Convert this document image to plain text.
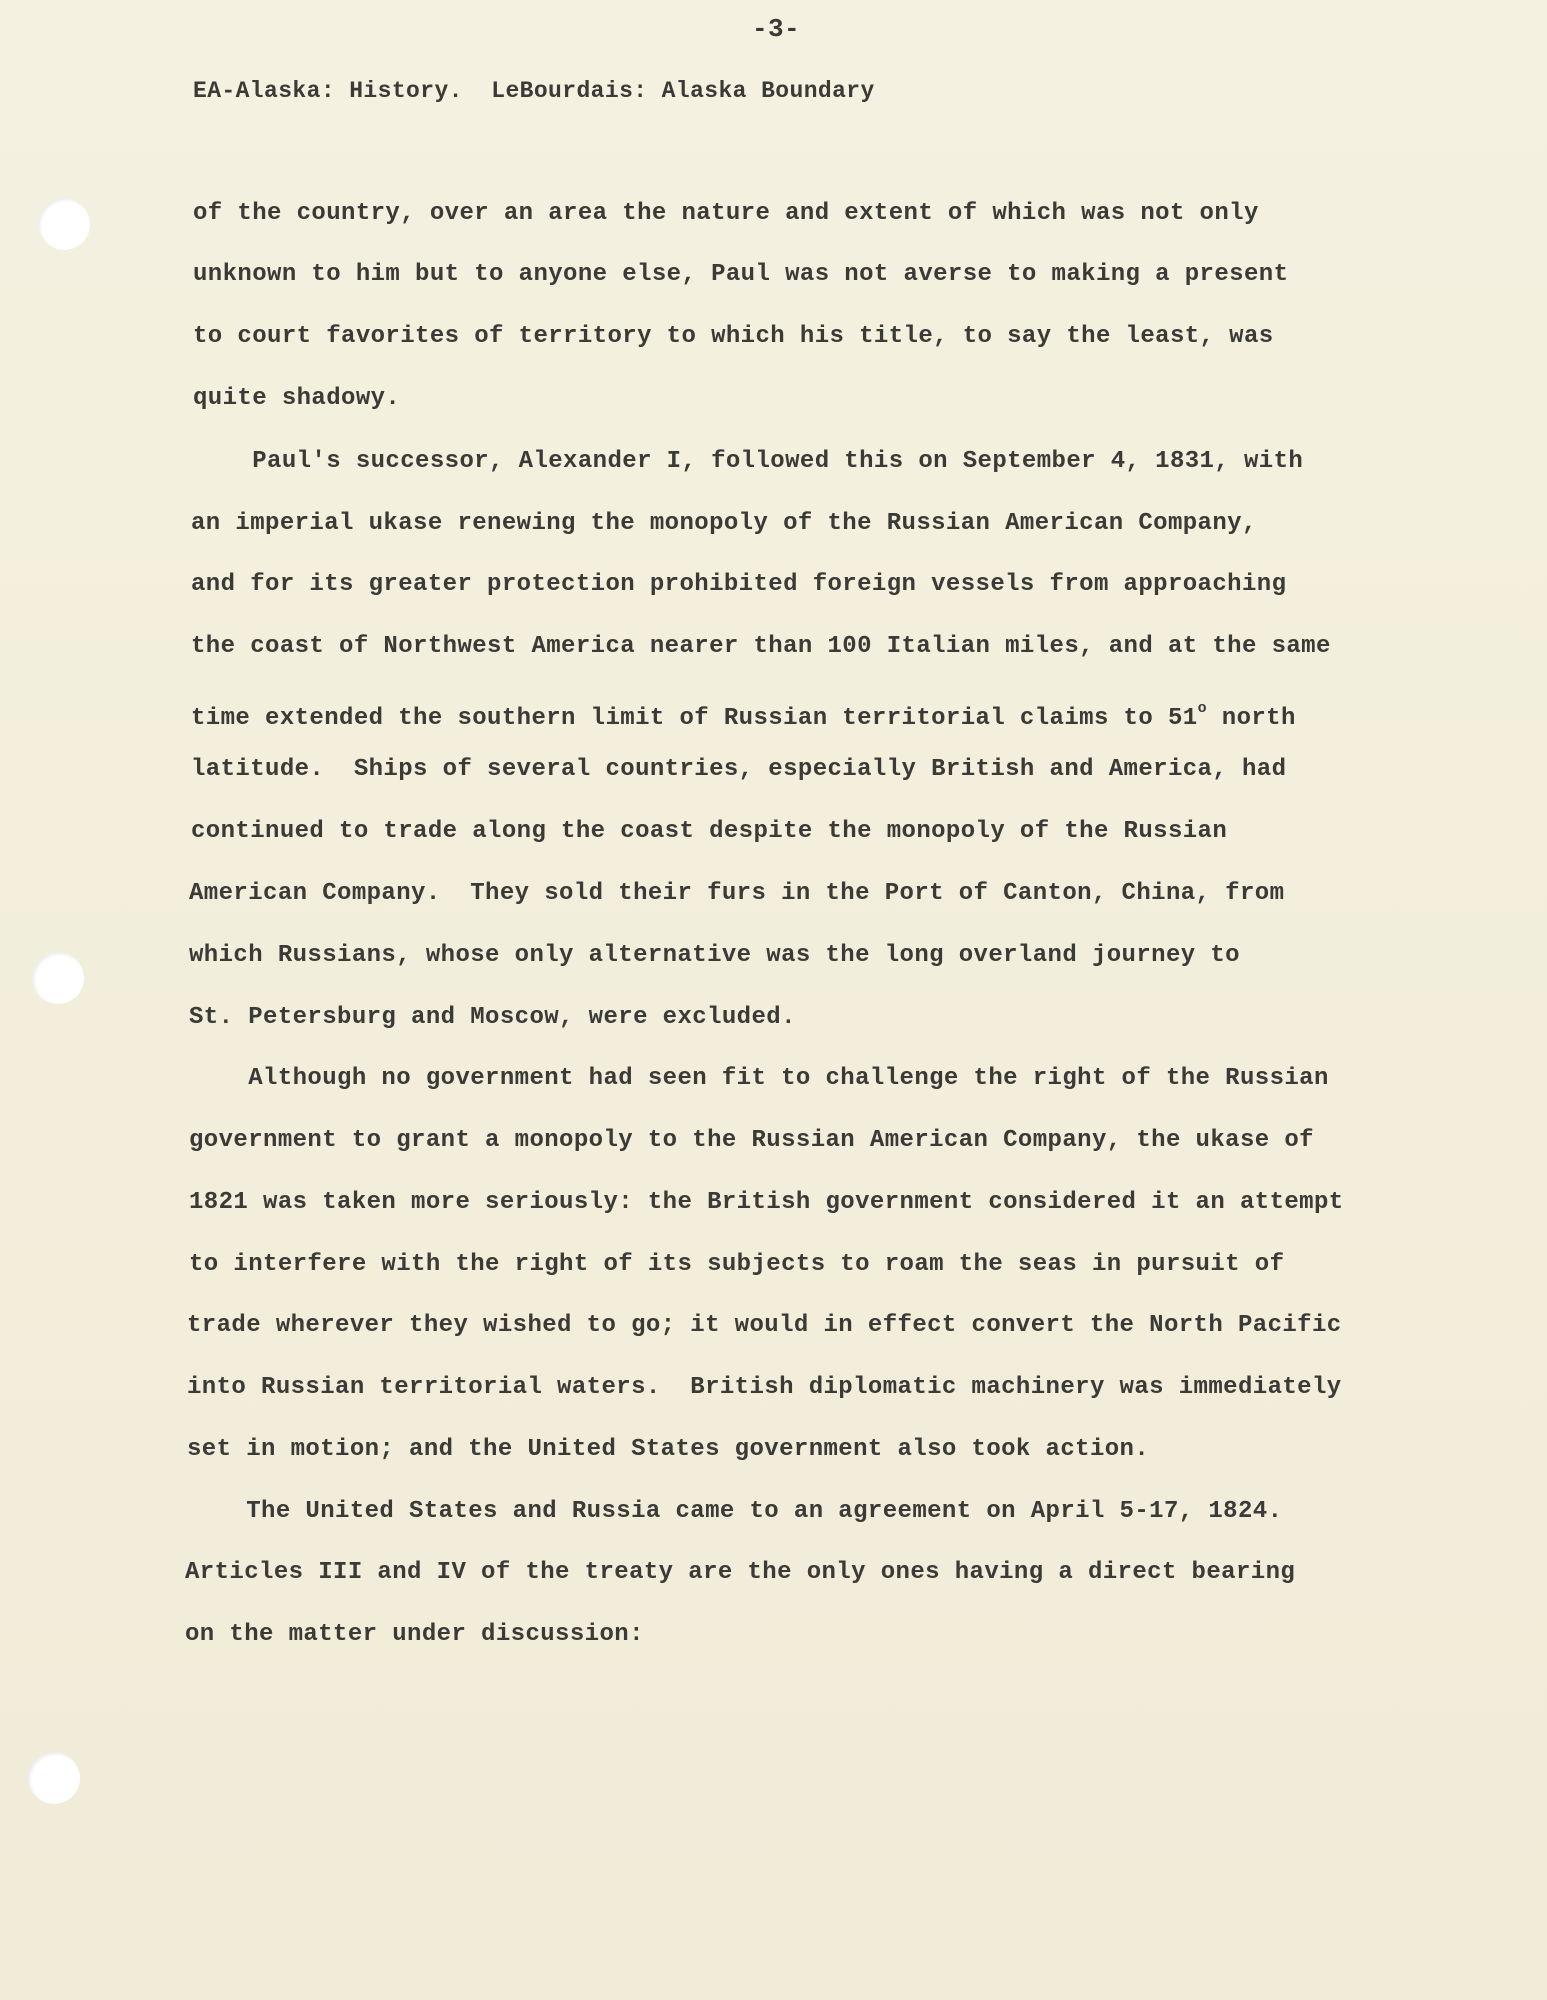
-3-

EA-Alaska: History.  LeBourdais: Alaska Boundary

of the country, over an area the nature and extent of which was not only

unknown to him but to anyone else, Paul was not averse to making a present

to court favorites of territory to which his title, to say the least, was

quite shadowy.

Paul's successor, Alexander I, followed this on September 4, 1831, with

an imperial ukase renewing the monopoly of the Russian American Company,

and for its greater protection prohibited foreign vessels from approaching

the coast of Northwest America nearer than 100 Italian miles, and at the same

time extended the southern limit of Russian territorial claims to 51$^o$ north

latitude.  Ships of several countries, especially British and America, had

continued to trade along the coast despite the monopoly of the Russian

American Company.  They sold their furs in the Port of Canton, China, from

which Russians, whose only alternative was the long overland journey to

St. Petersburg and Moscow, were excluded.

Although no government had seen fit to challenge the right of the Russian

government to grant a monopoly to the Russian American Company, the ukase of

1821 was taken more seriously: the British government considered it an attempt

to interfere with the right of its subjects to roam the seas in pursuit of

trade wherever they wished to go; it would in effect convert the North Pacific

into Russian territorial waters.  British diplomatic machinery was immediately

set in motion; and the United States government also took action.

The United States and Russia came to an agreement on April 5-17, 1824.

Articles III and IV of the treaty are the only ones having a direct bearing

on the matter under discussion:
